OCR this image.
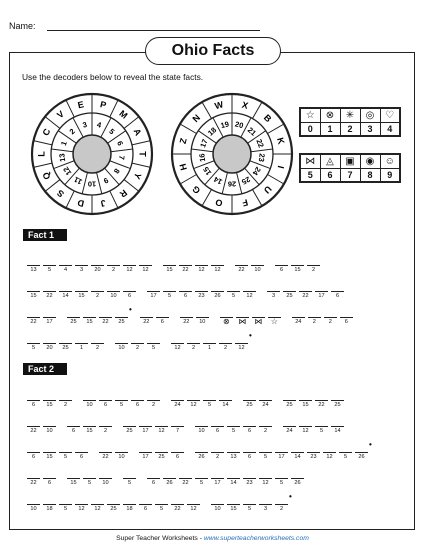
Name:
Ohio Facts
Use the decoders below to reveal the state facts.
P
M
A
T
Y
R
J
D
S
Q
L
C
V
E
4
5
6
7
8
9
10
11
12
13
1
2
3
X
B
K
I
U
F
O
G
H
Z
N
W
20
21
22
23
24
25
26
14
15
16
17
18
19
☆	⊗	✳	◎	♡
0	1	2	3	4
⋈	◬	▣	◉	☺
5	6	7	8	9
Fact 1
13 5 4 3 20 2 12 12	15 22 12 12	22 10	6 15 2
15 22 14 15 2 10 6	17 5 6 23 26 5 12	3 25 22 17 6
22 17	25 15 22 25•22 6	22 10 ⊗ ⋈ ⋈ ☆	24 2 2 6
5 20 25 1 2	10 2 5	12 2 1 2 12•
Fact 2
6 15 2	10 6 5 6 2	24 12 5 14	25 24	25 15 22 25
22 10	6 15 2	25 17 12 7	10 6 5 6 2	24 12 5 14
6 15 5 6	22 10	17 25 6	26 2 13 6 5 17 14 23 12 5 26•
22 6	15 5 10	5	6 26 22 5 17 14 23 12 5 26
10 18 5 12 12 25 18 6 5 22 12	10 15 5 3 2•
Super Teacher Worksheets - www.superteacherworksheets.com
